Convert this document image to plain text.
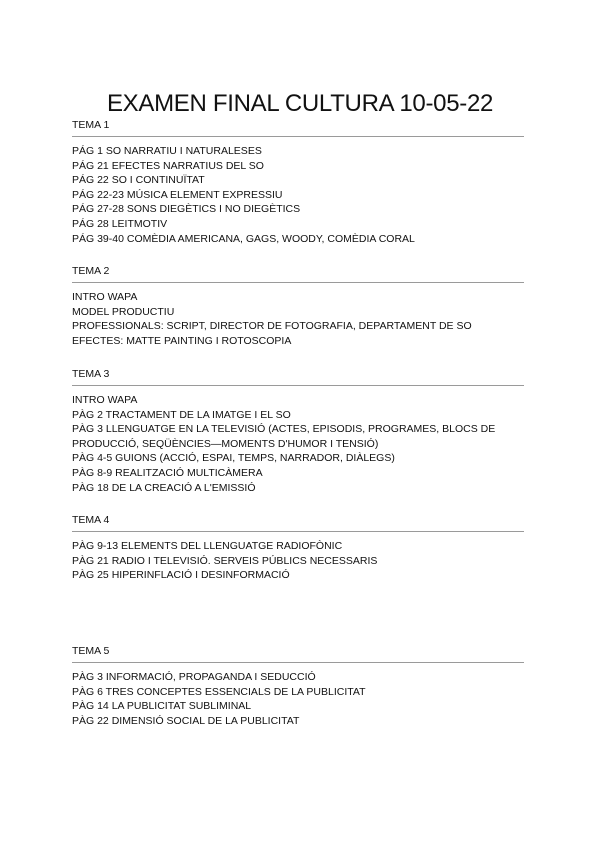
EXAMEN FINAL CULTURA 10-05-22
TEMA 1
PÁG 1 SO NARRATIU I NATURALESES
PÁG 21 EFECTES NARRATIUS DEL SO
PÁG 22 SO I CONTINUÏTAT
PÁG 22-23 MÚSICA ELEMENT EXPRESSIU
PÁG 27-28 SONS DIEGÈTICS I NO DIEGÈTICS
PÁG 28 LEITMOTIV
PÁG 39-40 COMÈDIA AMERICANA, GAGS, WOODY, COMÈDIA CORAL
TEMA 2
INTRO WAPA
MODEL PRODUCTIU
PROFESSIONALS: SCRIPT, DIRECTOR DE FOTOGRAFIA, DEPARTAMENT DE SO
EFECTES: MATTE PAINTING I ROTOSCOPIA
TEMA 3
INTRO WAPA
PÀG 2 TRACTAMENT DE LA IMATGE I EL SO
PÀG 3 LLENGUATGE EN LA TELEVISIÓ (ACTES, EPISODIS, PROGRAMES, BLOCS DE PRODUCCIÓ, SEQÜÈNCIES—MOMENTS D'HUMOR I TENSIÓ)
PÀG 4-5 GUIONS (ACCIÓ, ESPAI, TEMPS, NARRADOR, DIÀLEGS)
PÀG 8-9 REALITZACIÓ MULTICÀMERA
PÀG 18 DE LA CREACIÓ A L'EMISSIÓ
TEMA 4
PÀG 9-13 ELEMENTS DEL LLENGUATGE RADIOFÒNIC
PÀG 21 RADIO I TELEVISIÓ. SERVEIS PÚBLICS NECESSARIS
PÀG 25 HIPERINFLACIÓ I DESINFORMACIÓ
TEMA 5
PÀG 3 INFORMACIÓ, PROPAGANDA I SEDUCCIÓ
PÀG 6 TRES CONCEPTES ESSENCIALS DE LA PUBLICITAT
PÀG 14 LA PUBLICITAT SUBLIMINAL
PÀG 22 DIMENSIÓ SOCIAL DE LA PUBLICITAT
